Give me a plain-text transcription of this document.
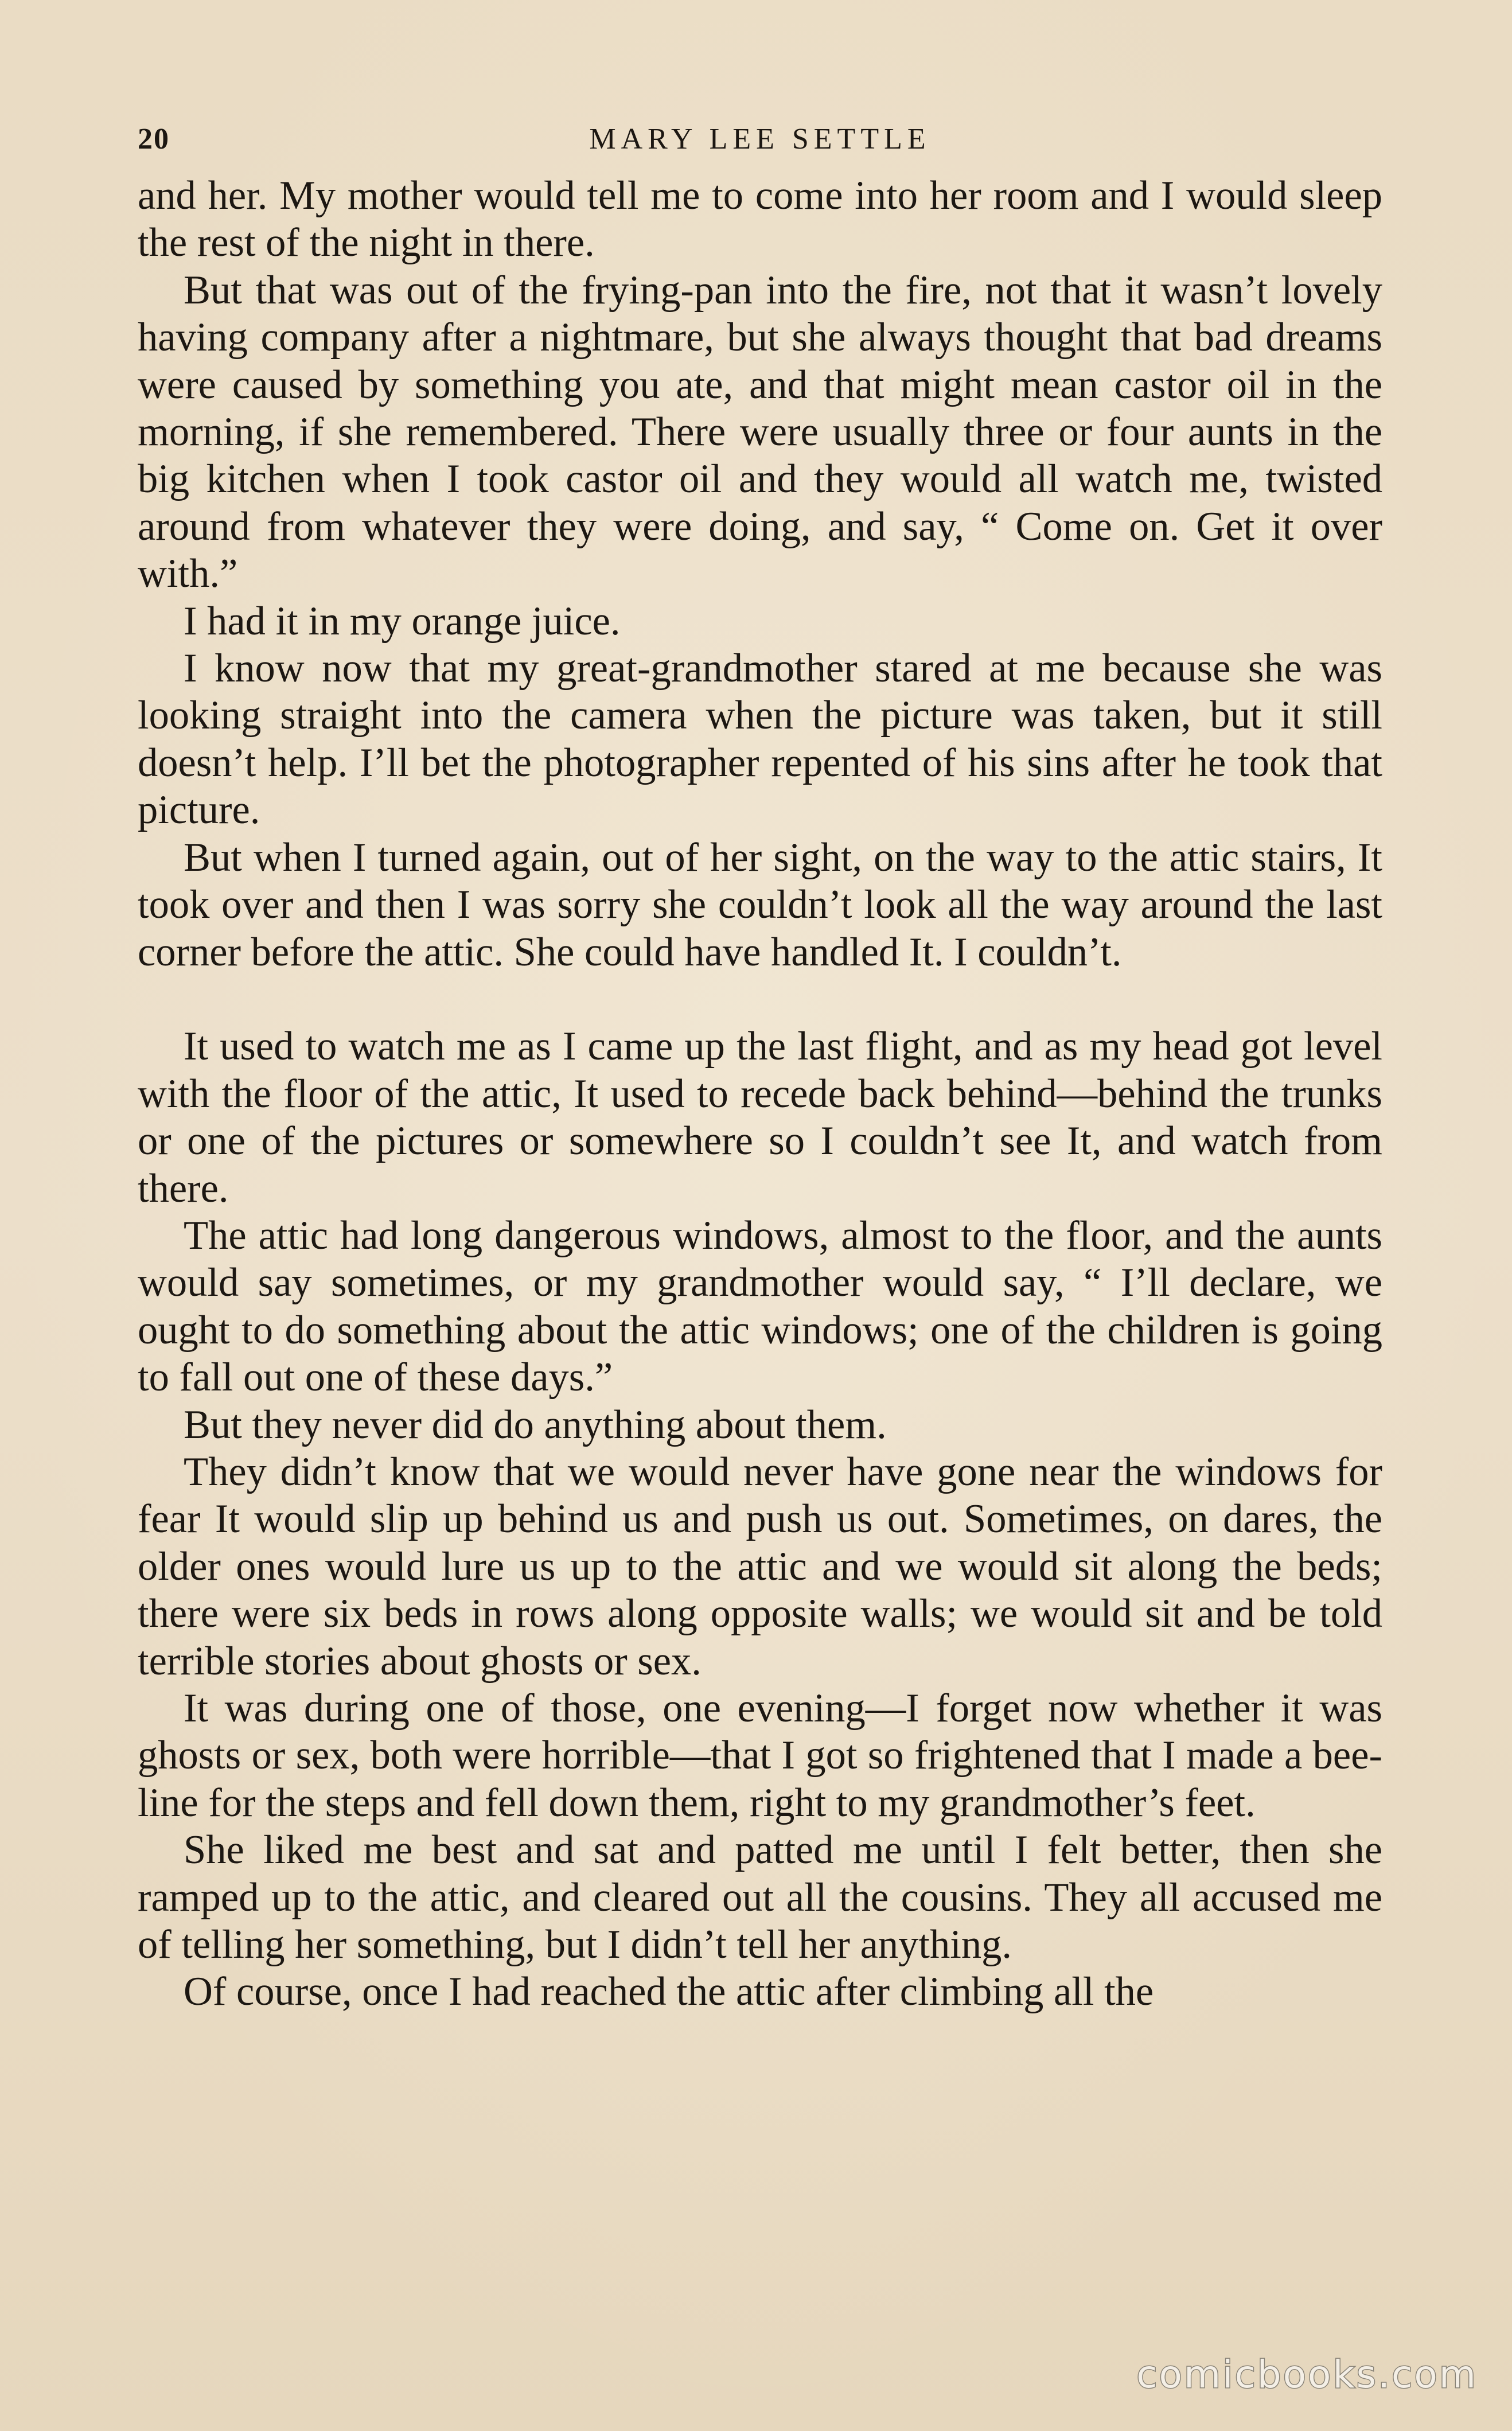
20	MARY LEE SETTLE

and her. My mother would tell me to come into her room and I would sleep the rest of the night in there.

But that was out of the frying-pan into the fire, not that it wasn’t lovely having company after a nightmare, but she always thought that bad dreams were caused by something you ate, and that might mean castor oil in the morning, if she remembered. There were usually three or four aunts in the big kitchen when I took castor oil and they would all watch me, twisted around from whatever they were doing, and say, “ Come on. Get it over with.”

I had it in my orange juice.

I know now that my great-grandmother stared at me because she was looking straight into the camera when the picture was taken, but it still doesn’t help. I’ll bet the photographer repented of his sins after he took that picture.

But when I turned again, out of her sight, on the way to the attic stairs, It took over and then I was sorry she couldn’t look all the way around the last corner before the attic. She could have handled It. I couldn’t.

It used to watch me as I came up the last flight, and as my head got level with the floor of the attic, It used to recede back behind—behind the trunks or one of the pictures or somewhere so I couldn’t see It, and watch from there.

The attic had long dangerous windows, almost to the floor, and the aunts would say sometimes, or my grandmother would say, “ I’ll declare, we ought to do something about the attic windows; one of the children is going to fall out one of these days.”

But they never did do anything about them.

They didn’t know that we would never have gone near the windows for fear It would slip up behind us and push us out. Sometimes, on dares, the older ones would lure us up to the attic and we would sit along the beds; there were six beds in rows along opposite walls; we would sit and be told terrible stories about ghosts or sex.

It was during one of those, one evening—I forget now whether it was ghosts or sex, both were horrible—that I got so frightened that I made a bee-line for the steps and fell down them, right to my grandmother’s feet.

She liked me best and sat and patted me until I felt better, then she ramped up to the attic, and cleared out all the cousins. They all accused me of telling her something, but I didn’t tell her anything.

Of course, once I had reached the attic after climbing all the

comicbooks.com
